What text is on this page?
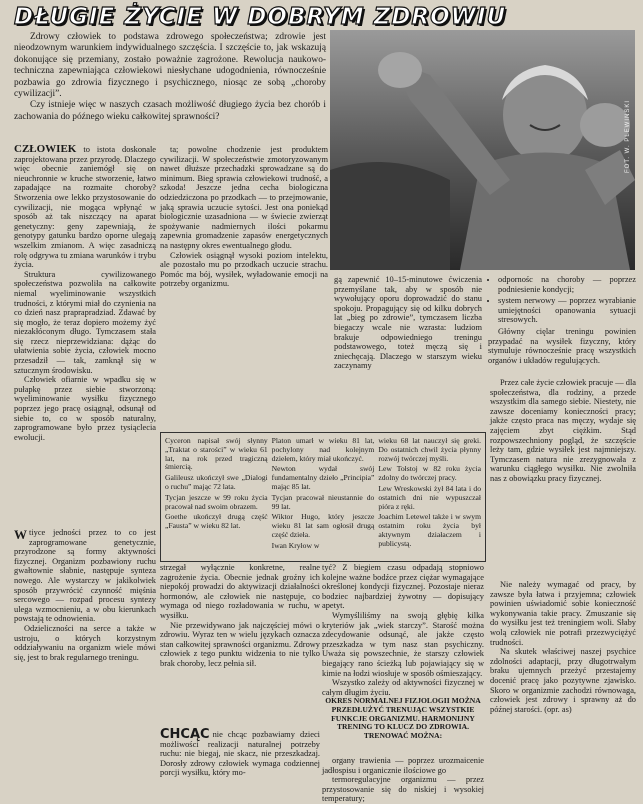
DŁUGIE ŻYCIE W DOBRYM ZDROWIU

Zdrowy człowiek to podstawa zdrowego społeczeństwa; zdrowie jest nieodzownym warunkiem indywidualnego szczęścia. I szczęście to, jak wskazują dokonujące się przemiany, zostało poważnie zagrożone. Rewolucja naukowo-techniczna zapewniająca człowiekowi niesłychane udogodnienia, równocześnie pozbawia go zdrowia fizycznego i psychicznego, niosąc ze sobą „choroby cywilizacji”.

Czy istnieje więc w naszych czasach możliwość długiego życia bez chorób i zachowania do późnego wieku całkowitej sprawności?

CZŁOWIEK to istota doskonale zaprojektowana przez przyrodę. Dlaczego więc obecnie zaniemógł się on nieuchronnie w kruche stworzenie, łatwo zapadające na rozmaite choroby? Stworzenia owe lekko przystosowanie do cywilizacji, nie mogąca wpłynąć w sposób aż tak niszczący na aparat genetyczny: geny zapewniają, że genotypy gatunku bardzo oporne ulegają wszelkim zmianom. A więc zasadniczą rolę odgrywa tu zmiana warunków i trybu życia.

Struktura cywilizowanego społeczeństwa pozwoliła na całkowite niemal wyeliminowanie wszystkich trudności, z którymi miał do czynienia na co dzień nasz praprapradziad. Zdawać by się mogło, że teraz dopiero możemy żyć niezakłóconym długo. Tymczasem stała się rzecz nieprzewidziana: dążąc do ułatwienia sobie życia, człowiek mocno przesadził — tak, zamknął się w sztucznym środowisku.

Człowiek ofiarnie w wpadku się w pułapkę przez siebie stworzoną: wyeliminowanie wysiłku fizycznego poprzez jego pracę osiągnął, odsunął od siebie to, co w sposób naturalny, zaprogramowane było przez tysiąclecia ewolucji.

ta; powolne chodzenie jest produktem cywilizacji. W społeczeństwie zmotoryzowanym nawet dłuższe przechadzki sprowadzane są do minimum. Bieg sprawia człowiekowi trudność, a szkoda! Jeszcze jedna cecha biologiczna odziedziczona po przodkach — to przejmowanie, jaką sprawia uczucie sytości. Jest ona poniekąd biologicznie uzasadniona — w świecie zwierząt spożywanie nadmiernych ilości pokarmu zapewnia gromadzenie zapasów energetycznych na następny okres ewentualnego głodu.

Człowiek osiągnął wysoki poziom intelektu, ale pozostało mu po przodkach uczucie strachu. Pomóc ma bój, wysiłek, wyładowanie emocji na potrzeby organizmu.

FOT. W. PLEWIŃSKI

gą zapewnić 10–15-minutowe ćwiczenia przemyślane tak, aby w sposób nie wywołujący oporu doprowadzić do stanu spokoju. Propagujący się od kilku dobrych lat „bieg po zdrowie”, tymczasem liczba biegaczy wcale nie wzrasta: ludziom brakuje odpowiedniego treningu podstawowego, toteż męczą się i zniechęcają. Dlaczego w starszym wieku zaczynamy

• odpornośc na choroby — poprzez podniesienie kondycji;
• system nerwowy — poprzez wyrabianie umiejętności opanowania sytuacji stresowych.

Główny cięlar treningu powinien przypadać na wysiłek fizyczny, który stymuluje równocześnie pracę wszystkich organów i układów regulujących.

Cyceron napisał swój słynny „Traktat o starości” w wieku 61 lat, na rok przed tragiczną śmiercią.

Galileusz ukończył swe „Dialogi o ruchu” mając 72 lata.

Tycjan jeszcze w 99 roku życia pracował nad swoim obrazem.

Goethe ukończył drugą część „Fausta” w wieku 82 lat.

Platon umarł w wieku 81 lat, pochylony nad kolejnym dziełem, który miał ukończyć.

Newton wydał swój fundamentalny dzieło „Principia” mając 85 lat.

Tycjan pracował nieustannie do 99 lat.

Wiktor Hugo, który jeszcze wieku 81 lat sam ogłosił drugą część dzieła.

Iwan Kryłow w

wieku 68 lat nauczył się greki. Do ostatnich chwil życia płynny rozwój twórczej myśli.

Lew Tołstoj w 82 roku życia zdolny do twórczej pracy.

Lew Wreskowski żył 84 lata i do ostatnich dni nie wypuszczał pióra z ręki.

Joachim Letewel także i w swym ostatnim roku życia był aktywnym działaczem i publicystą.

Wtiyce jedności przez to co jest zaprogramowane genetycznie, przyrodzone są formy aktywności fizycznej. Organizm pozbawiony ruchu gwałtownie słabnie, następuje synteza nowego. Ale wystarczy w jakikolwiek sposób przywrócić czynność mięśnia sercowego — rozpad procesu syntezy ulega wzmocnieniu, a w obu kierunkach powstają te odnowienia.

Odzieliczności na serce a także w ustroju, o których korzystnym oddziaływaniu na organizm wiele mówi się, jest to brak regularnego treningu.

strzegał wyłącznie konkretne, realne zagrożenie życia. Obecnie jednak groźny ich niepokój prowadzi do aktywizacji działalności hormonów, ale człowiek nie następuje, co wymaga od niego rozładowania w ruchu, w wysiłku.

Nie przewidywano jak najczęściej mówi o zdrowiu. Wyraz ten w wielu językach oznacza stan całkowitej sprawności organizmu. Zdrowy człowiek z tego punktu widzenia to nie tylko brak choroby, lecz pełnia sił.

CHCĄC nie chcąc pozbawiamy dzieci możliwości realizacji naturalnej potrzeby ruchu: nie biegaj, nie skacz, nie przeszkadzaj. Dorosły zdrowy człowiek wymaga codziennej porcji wysiłku, który mo-

tyć? Z biegiem czasu odpadają stopniowo kolejne ważne bodźce przez ciężar wymagające określonej kondycji fizycznej. Pozostaje nieraz bodziec najbardziej żywotny — dopisujący apetyt.

Wymyśliliśmy na swoją głębię kilka kryteriów jak „wiek starczy”. Starość można zdecydowanie odsunąć, ale jakże często przeszkadza w tym nasz stan psychiczny. Uważa się powszechnie, że starszy człowiek biegający rano ścieżką lub pojawiający się w kimie na łodzi wiosłuje w sposób ośmieszający.

Wszystko zależy od aktywności fizycznej w całym długim życiu.

OKRES NORMALNEJ FIZJOLOGII MOŻNA PRZEDŁUŻYĆ TRENUJĄC WSZYSTKIE FUNKCJE ORGANIZMU. HARMONIJNY TRENING TO KLUCZ DO ZDROWIA. TRENOWAĆ MOŻNA:

organy trawienia — poprzez urozmaicenie jadłospisu i organicznie ilościowe go

termoregulacyjne organizmu — przez przystosowanie się do niskiej i wysokiej temperatury;

Przez całe życie człowiek pracuje — dla społeczeństwa, dla rodziny, a przede wszystkim dla samego siebie. Niestety, nie zawsze doceniamy konieczności pracy; jakże często praca nas męczy, wydaje się zajęciem zbyt ciężkim. Stąd rozpowszechniony pogląd, że szczęście leży tam, gdzie wysiłek jest najmniejszy. Tymczasem natura nie zrezygnowała z warunku ciągłego wysiłku. Nie zwolniła nas z obowiązku pracy fizycznej.

Nie należy wymagać od pracy, by zawsze była łatwa i przyjemna; człowiek powinien uświadomić sobie konieczność wykonywania takie pracy. Zmuszanie się do wysiłku jest też treningiem woli. Słaby wolą człowiek nie potrafi przezwyciężyć trudności.

Na skutek właściwej naszej psychice zdolności adaptacji, przy długotrwałym braku ujemnych przeżyć przestajemy docenić pracę jako pozytywne zjawisko. Skoro w organizmie zachodzi równowaga, człowiek jest zdrowy i sprawny aż do późnej starości. (opr. as)
